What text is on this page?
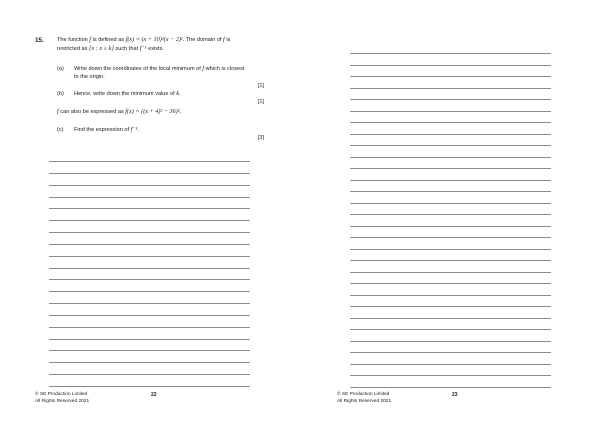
15. The function f is defined as f(x) = (x + 10)²(x − 2)². The domain of f is
restricted as {x : x ≥ k} such that f⁻¹ exists.
(a) Write down the coordinates of the local minimum of f which is closest
to the origin.
[1]
(b) Hence, write down the minimum value of k.
[1]
f can also be expressed as f(x) = ((x + 4)² − 36)².
(c) Find the expression of f⁻¹.
[3]
© SE Production Limited
All Rights Reserved 2021
22	© SE Production Limited
All Rights Reserved 2021
23
